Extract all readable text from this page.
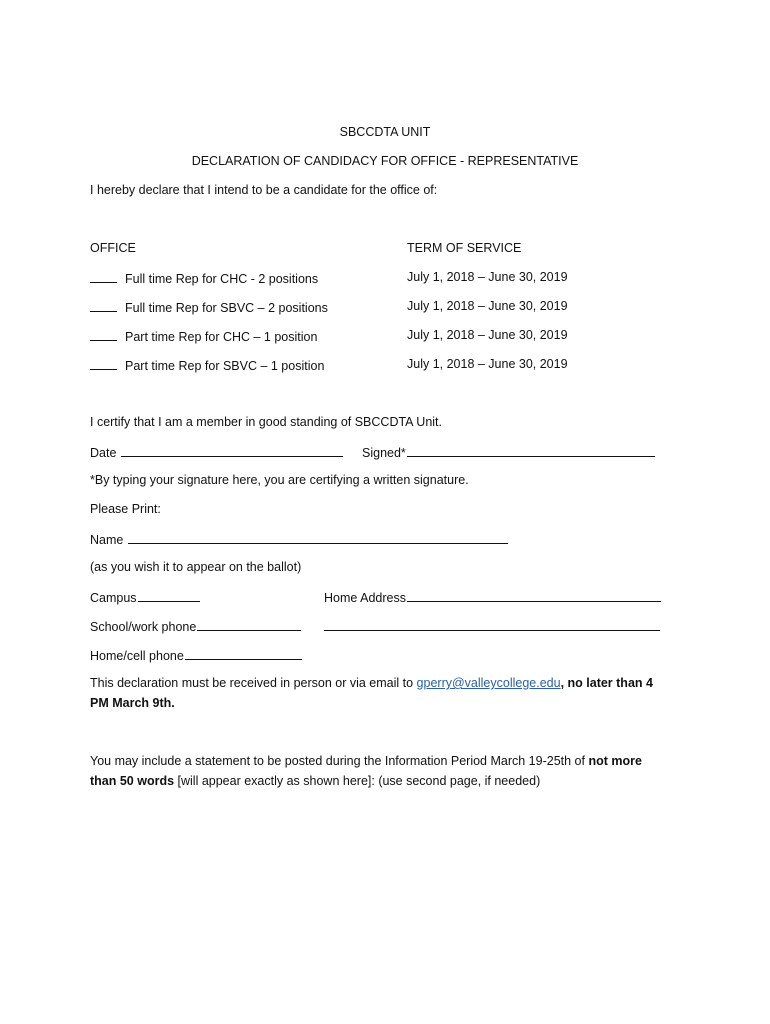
SBCCDTA UNIT
DECLARATION OF CANDIDACY FOR OFFICE - REPRESENTATIVE
I hereby declare that I intend to be a candidate for the office of:
OFFICE	TERM OF SERVICE
Full time Rep for CHC - 2 positions	July 1, 2018 – June 30, 2019
Full time Rep for SBVC – 2 positions	July 1, 2018 – June 30, 2019
Part time Rep for CHC – 1 position	July 1, 2018 – June 30, 2019
Part time Rep for SBVC – 1 position	July 1, 2018 – June 30, 2019
I certify that I am a member in good standing of SBCCDTA Unit.
Date	Signed*
*By typing your signature here, you are certifying a written signature.
Please Print:
Name
(as you wish it to appear on the ballot)
Campus	Home Address
School/work phone
Home/cell phone
This declaration must be received in person or via email to gperry@valleycollege.edu, no later than 4
PM March 9th.
You may include a statement to be posted during the Information Period March 19-25th of not more
than 50 words [will appear exactly as shown here]: (use second page, if needed)
